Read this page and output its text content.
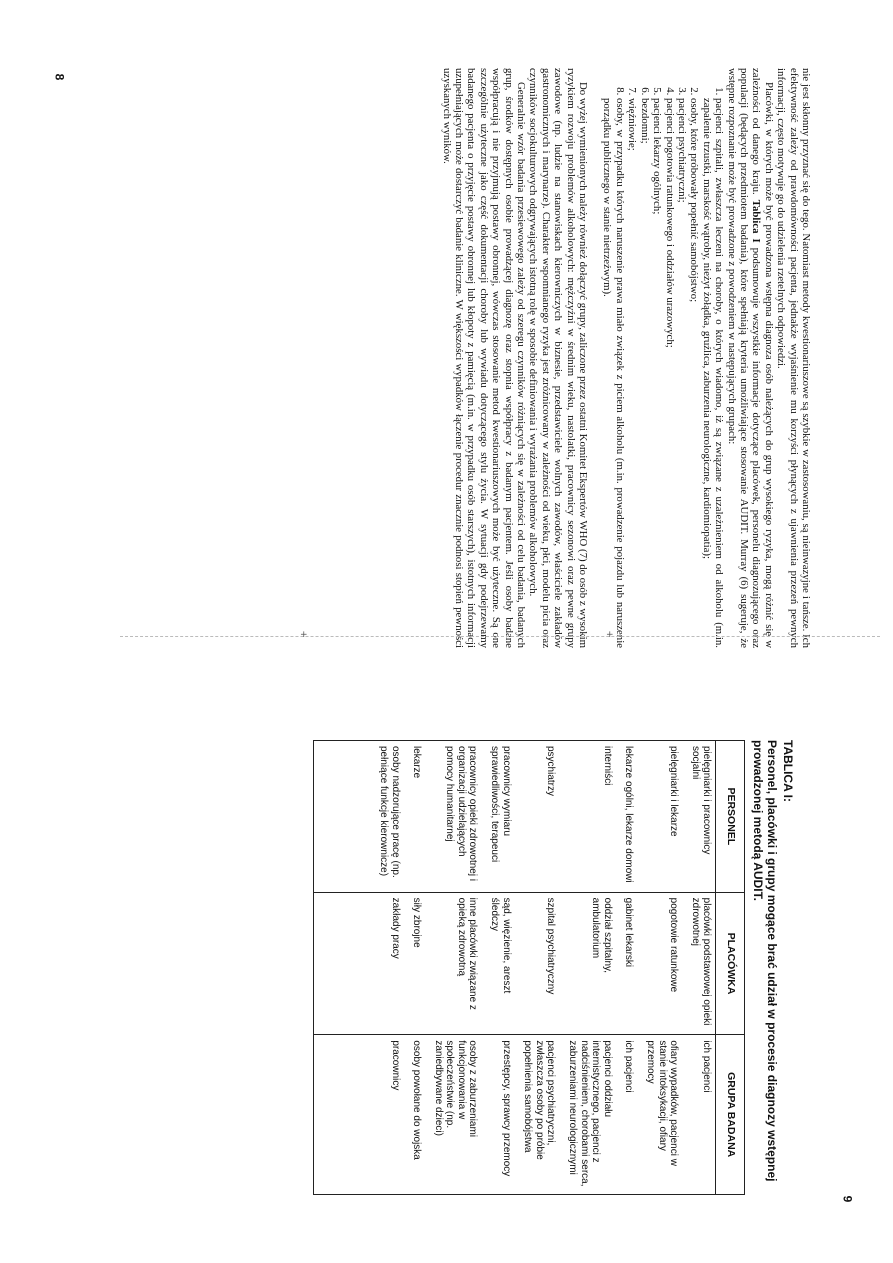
nie jest skłonny przyznać się do tego. Natomiast metody kwestionariuszowe są szybkie w zastosowaniu, są nieinwazyjne i tańsze. Ich efektywność zależy od prawdomówności pacjenta, jednakże wyjaśnienie mu korzyści płynących z ujawnienia przezeń pewnych informacji, często motywuje go do udzielenia rzetelnych odpowiedzi.

Placówki, w których może być prowadzona wstępna diagnoza osób należących do grup wysokiego ryzyka, mogą różnić się w zależności od danego kraju. Tablica I podsumowuje wszystkie informacje dotyczące placówek, personelu diagnozującego oraz populacji (będących przedmiotem badania), które spełniają kryteria umożliwiające stosowanie AUDIT. Murray (6) sugeruje, że wstępne rozpoznanie może być prowadzone z powodzeniem w następujących grupach:

1. pacjenci szpitali, zwłaszcza leczeni na choroby, o których wiadomo, iż są związane z uzależnieniem od alkoholu (m.in. zapalenie trzustki, marskość wątroby, nieżyt żołądka, gruźlica, zaburzenia neurologiczne, kardiomiopatia);
2. osoby, które próbowały popełnić samobójstwo;
3. pacjenci psychiatryczni;
4. pacjenci pogotowia ratunkowego i oddziałów urazowych;
5. pacjenci lekarzy ogólnych;
6. bezdomni;
7. więźniowie;
8. osoby, w przypadku których naruszenie prawa miało związek z piciem alkoholu (m.in. prowadzenie pojazdu lub naruszenie porządku publicznego w stanie nietrzeźwym).

Do wyżej wymienionych należy również dołączyć grupy, zaliczone przez ostatni Komitet Ekspertów WHO (7) do osób z wysokim ryzykiem rozwoju problemów alkoholowych: mężczyźni w średnim wieku, nastolatki, pracownicy sezonowi oraz pewne grupy zawodowe (np. ludzie na stanowiskach kierowniczych w biznesie, przedstawiciele wolnych zawodów, właściciele zakładów gastronomicznych i marynarze). Charakter wspomnianego ryzyka jest zróżnicowany w zależności od wieku, płci, modelu picia oraz czynników socjokulturowych odgrywających istotną rolę w sposobie definiowania i wyrażania problemów alkoholowych.

Generalnie wzór badania przesiewowego zależy od szeregu czynników różniących się w zależności od celu badania, badanych grup, środków dostępnych osobie prowadzącej diagnozę oraz stopnia współpracy z badanym pacjentem. Jeśli osoby badane współpracują i nie przyjmują postawy obronnej, wówczas stosowanie metod kwestionariuszowych może być użyteczne. Są one szczególnie użyteczne jako część dokumentacji choroby lub wywiadu dotyczącego stylu życia. W sytuacji gdy podejrzewamy badanego pacjenta o przyjęcie postawy obronnej lub kłopoty z pamięcią (m.in. w przypadku osób starszych), istotnych informacji uzupełniających może dostarczyć badanie kliniczne. W większości wypadków łączenie procedur znacznie podnosi stopień pewności uzyskanych wyników.

8
+	+
TABLICA I:
Personel, placówki i grupy mogące brać udział w procesie diagnozy wstępnej prowadzonej metodą AUDIT.
PERSONEL	PLACÓWKA	GRUPA BADANA
pielęgniarki i pracownicy socjalni	placówki podstawowej opieki zdrowotnej	ich pacjenci
pielęgniarki i lekarze	pogotowie ratunkowe	ofiary wypadków, pacjenci w stanie intoksykacji, ofiary przemocy
lekarze ogólni, lekarze domowi	gabinet lekarski	ich pacjenci
interniści	oddział szpitalny, ambulatorium	pacjenci oddziału internistycznego, pacjenci z nadciśnieniem, chorobami serca, zaburzeniami neurologicznymi
psychiatrzy	szpital psychiatryczny	pacjenci psychiatryczni, zwłaszcza osoby po próbie popełnienia samobójstwa
pracownicy wymiaru sprawiedliwości, terapeuci	sąd, więzienie, areszt śledczy	przestępcy, sprawcy przemocy
pracownicy opieki zdrowotnej i organizacji udzielających pomocy humanitarnej	inne placówki związane z opieką zdrowotną	osoby z zaburzeniami funkcjonowania w społeczeństwie (np. zaniedbywane dzieci)
lekarze	siły zbrojne	osoby powołane do wojska
osoby nadzorujące pracę (np. pełniące funkcje kierownicze)	zakłady pracy	pracownicy
9
